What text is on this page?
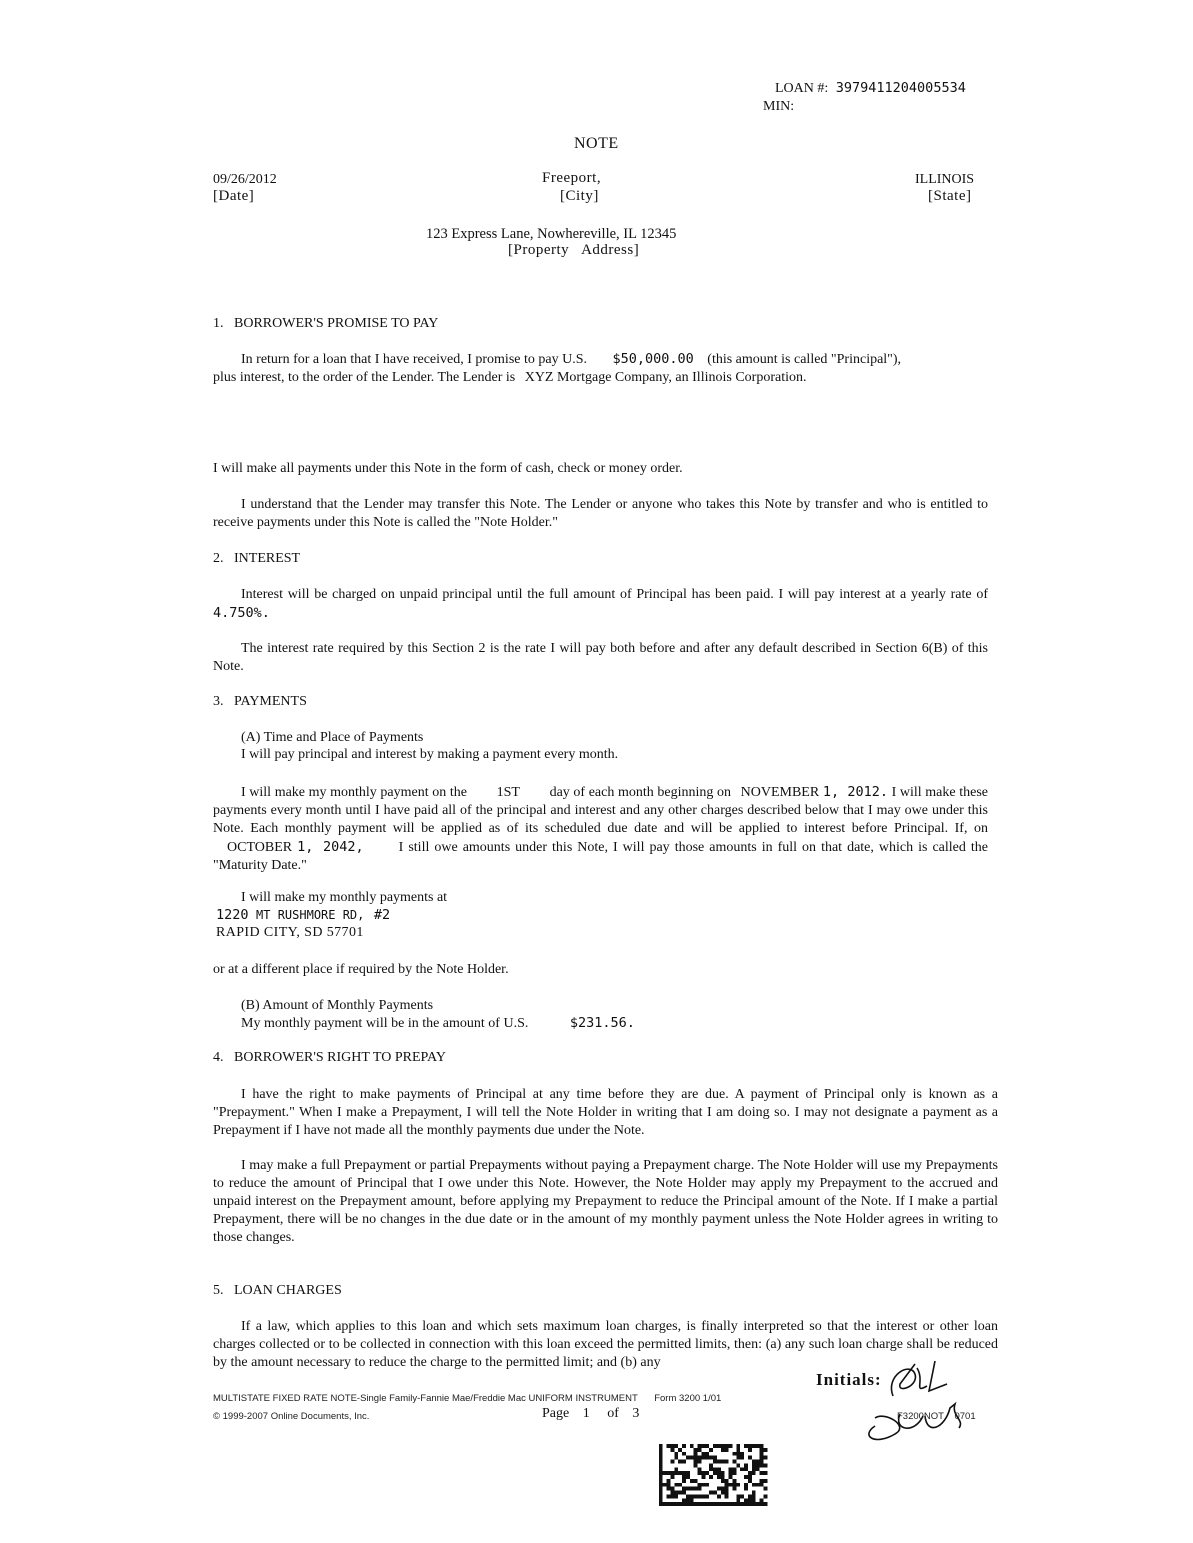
LOAN #: 3979411204005534
MIN:
NOTE
09/26/2012
[Date]
Freeport,
[City]
ILLINOIS
[State]
123 Express Lane, Nowhereville, IL 12345
[Property   Address]
1.   BORROWER'S PROMISE TO PAY
In return for a loan that I have received, I promise to pay U.S. $50,000.00 (this amount is called "Principal"),
plus interest, to the order of the Lender. The Lender is XYZ Mortgage Company, an Illinois Corporation.
I will make all payments under this Note in the form of cash, check or money order.
I understand that the Lender may transfer this Note. The Lender or anyone who takes this Note by transfer and who is entitled to receive payments under this Note is called the "Note Holder."
2.   INTEREST
Interest will be charged on unpaid principal until the full amount of Principal has been paid. I will pay interest at a yearly rate of 4.750%.
The interest rate required by this Section 2 is the rate I will pay both before and after any default described in Section 6(B) of this Note.
3.   PAYMENTS
(A) Time and Place of Payments
I will pay principal and interest by making a payment every month.
I will make my monthly payment on the 1ST day of each month beginning on NOVEMBER 1, 2012. I will make these payments every month until I have paid all of the principal and interest and any other charges described below that I may owe under this Note. Each monthly payment will be applied as of its scheduled due date and will be applied to interest before Principal. If, on OCTOBER 1, 2042,	I still owe amounts under this Note, I will pay those amounts in full on that date, which is called the "Maturity Date."
I will make my monthly payments at
1220 MT RUSHMORE RD, #2
RAPID CITY, SD 57701
or at a different place if required by the Note Holder.
(B) Amount of Monthly Payments
My monthly payment will be in the amount of U.S.	$231.56.
4.   BORROWER'S RIGHT TO PREPAY
I have the right to make payments of Principal at any time before they are due. A payment of Principal only is known as a "Prepayment." When I make a Prepayment, I will tell the Note Holder in writing that I am doing so. I may not designate a payment as a Prepayment if I have not made all the monthly payments due under the Note.
I may make a full Prepayment or partial Prepayments without paying a Prepayment charge. The Note Holder will use my Prepayments to reduce the amount of Principal that I owe under this Note. However, the Note Holder may apply my Prepayment to the accrued and unpaid interest on the Prepayment amount, before applying my Prepayment to reduce the Principal amount of the Note. If I make a partial Prepayment, there will be no changes in the due date or in the amount of my monthly payment unless the Note Holder agrees in writing to those changes.
5.   LOAN CHARGES
If a law, which applies to this loan and which sets maximum loan charges, is finally interpreted so that the interest or other loan charges collected or to be collected in connection with this loan exceed the permitted limits, then: (a) any such loan charge shall be reduced by the amount necessary to reduce the charge to the permitted limit; and (b) any
Initials:
MULTISTATE FIXED RATE NOTE-Single Family-Fannie Mae/Freddie Mac UNIFORM INSTRUMENT Form 3200 1/01
© 1999-2007 Online Documents, Inc.	Page 1 of 3	F3200NOT 0701
